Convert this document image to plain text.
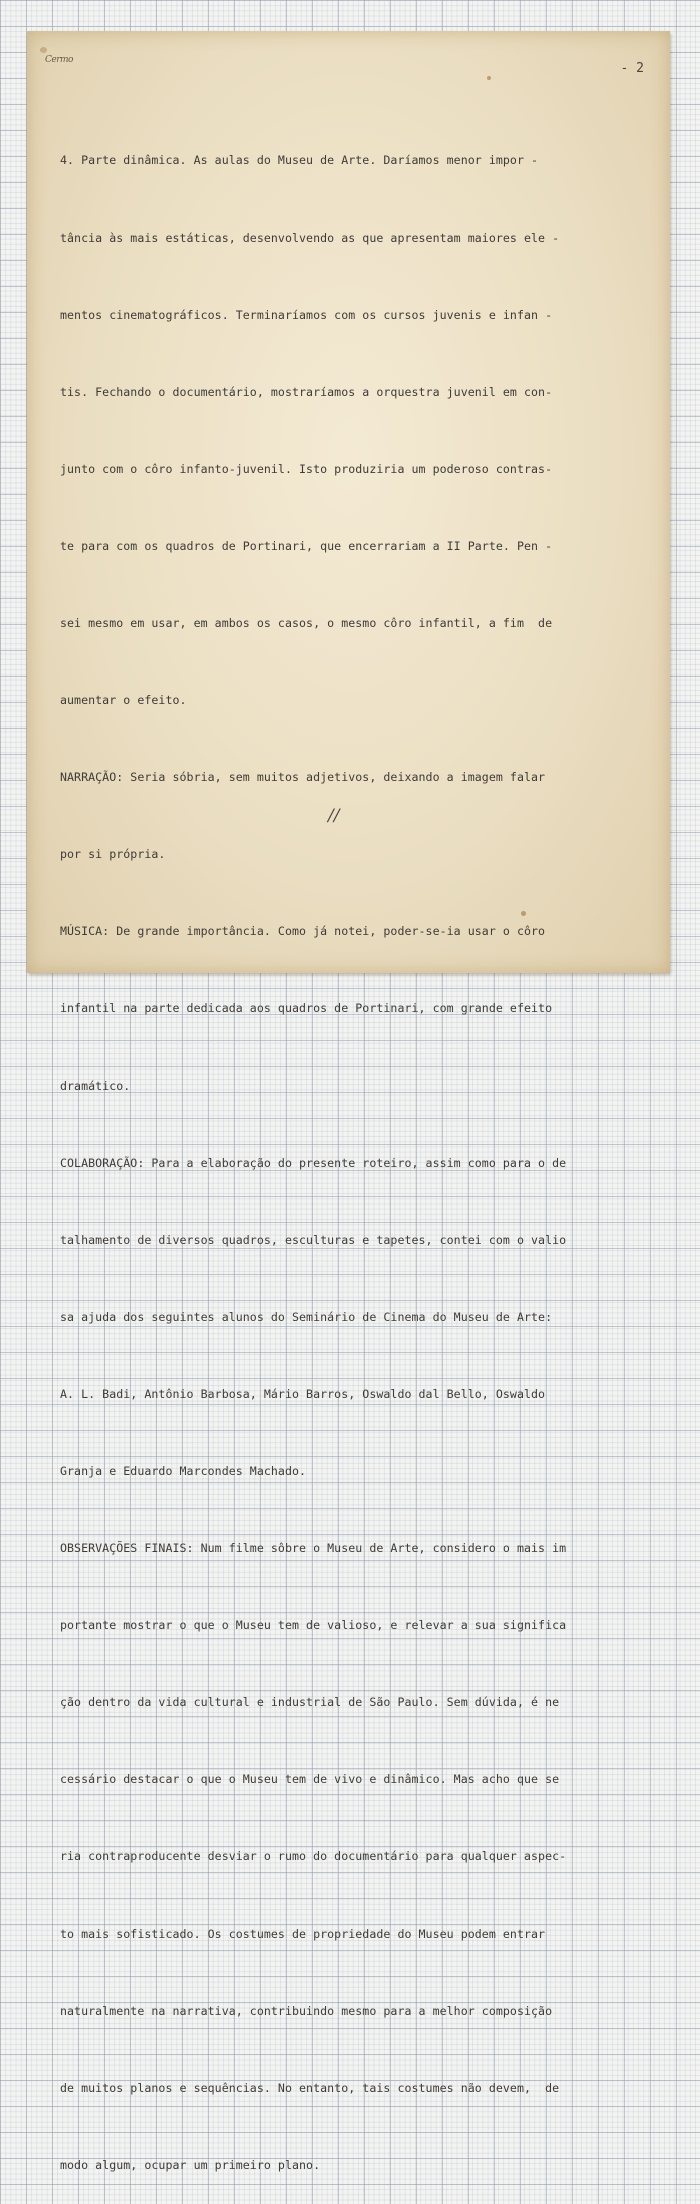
Cermo
- 2

4. Parte dinâmica. As aulas do Museu de Arte. Daríamos menor impor -

tância às mais estáticas, desenvolvendo as que apresentam maiores ele -

mentos cinematográficos. Terminaríamos com os cursos juvenis e infan -

tis. Fechando o documentário, mostraríamos a orquestra juvenil em con-

junto com o côro infanto-juvenil. Isto produziria um poderoso contras-

te para com os quadros de Portinari, que encerrariam a II Parte. Pen -

sei mesmo em usar, em ambos os casos, o mesmo côro infantil, a fim  de

aumentar o efeito.

NARRAÇÃO: Seria sóbria, sem muitos adjetivos, deixando a imagem falar

por si própria.

MÚSICA: De grande importância. Como já notei, poder-se-ia usar o côro

infantil na parte dedicada aos quadros de Portinari, com grande efeito

dramático.

COLABORAÇÃO: Para a elaboração do presente roteiro, assim como para o de

talhamento de diversos quadros, esculturas e tapetes, contei com o valio

sa ajuda dos seguintes alunos do Seminário de Cinema do Museu de Arte:

A. L. Badi, Antônio Barbosa, Mário Barros, Oswaldo dal Bello, Oswaldo

Granja e Eduardo Marcondes Machado.

OBSERVAÇÕES FINAIS: Num filme sôbre o Museu de Arte, considero o mais im

portante mostrar o que o Museu tem de valioso, e relevar a sua significa

ção dentro da vida cultural e industrial de São Paulo. Sem dúvida, é ne

cessário destacar o que o Museu tem de vivo e dinâmico. Mas acho que se

ria contraproducente desviar o rumo do documentário para qualquer aspec-

to mais sofisticado. Os costumes de propriedade do Museu podem entrar

naturalmente na narrativa, contribuindo mesmo para a melhor composição

de muitos planos e sequências. No entanto, tais costumes não devem,  de

modo algum, ocupar um primeiro plano.

//
